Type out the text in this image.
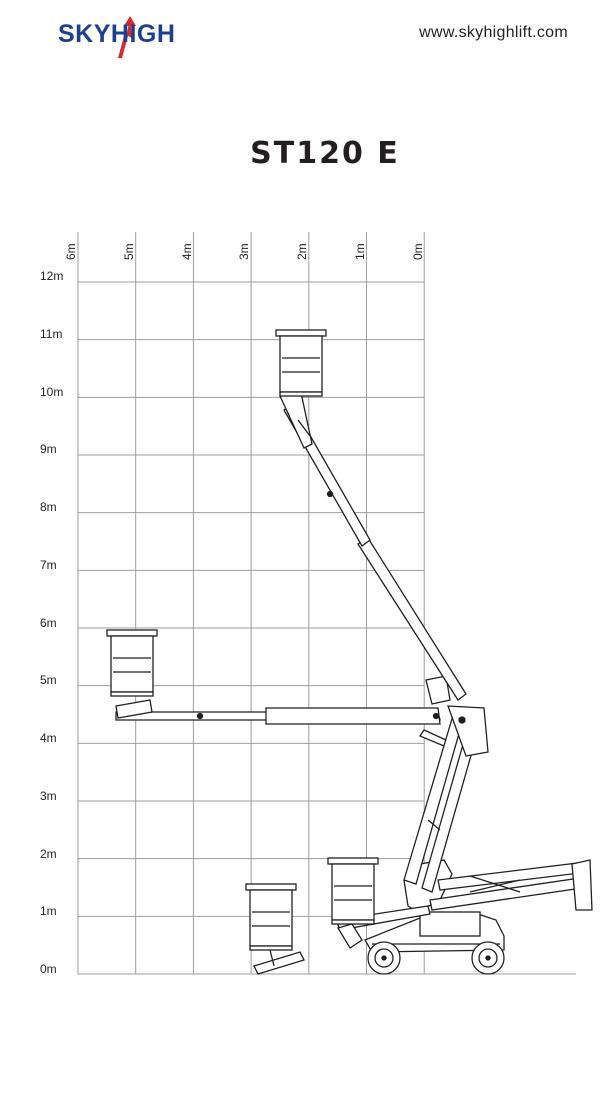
SKYHIGH	www.skyhighlift.com
ST120 E
6m	5m	4m	3m	2m	1m	0m
12m
11m
10m
9m
8m
7m
6m
5m
4m
3m
2m
1m
0m
